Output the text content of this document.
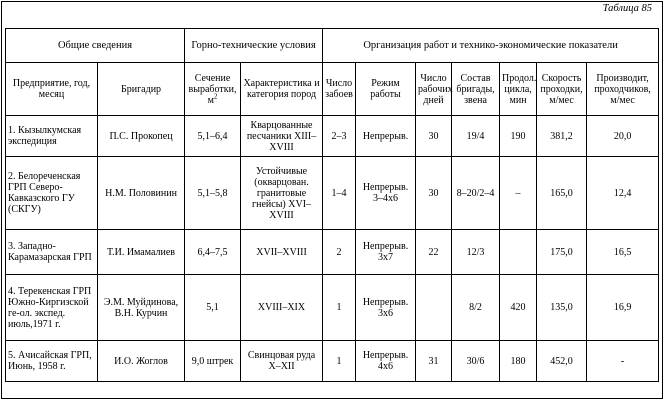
Таблица 85
Общие сведения		Горно-технические условия		Организация работ и технико-экономические показатели						
Предприятие, год, месяц	Бригадир	Сечение выработки, $м^2$	Характеристика и категория пород	Число забоев	Режим работы	Число рабочих дней	Состав бригады, звена	Продол. цикла, мин	Скорость проходки, м/мес	Производит, проходчиков, м/мес
1. Кызылкумская экспедиция	П.С. Прокопец	5,1–6,4	Кварцованные песчаники XIII–XVIII	2–3	Непрерыв.	30	19/4	190	381,2	20,0
2. Белореченская ГРП Северо-Кавказского ГУ (СКГУ)	Н.М. Половинин	5,1–5,8	Устойчивые (окварцован. гранитовые гнейсы) XVI–XVIII	1–4	Непрерыв. 3–4х6	30	8–20/2–4	–	165,0	12,4
3. Западно-Карамазарская ГРП	Т.И. Имамалиев	6,4–7,5	XVII–XVIII	2	Непрерыв. 3х7	22	12/3		175,0	16,5
4. Терекенская ГРП Южно-Киргизской ге-ол. экспед. июль,1971 г.	Э.М. Муйдинова, В.Н. Курчин	5,1	XVIII–XIX	1	Непрерыв. 3х6		8/2	420	135,0	16,9
5. Ачисайская ГРП, Июнь, 1958 г.	И.О. Жоглов	9,0 штрек	Свинцовая руда X–XII	1	Непрерыв. 4х6	31	30/6	180	452,0	-
